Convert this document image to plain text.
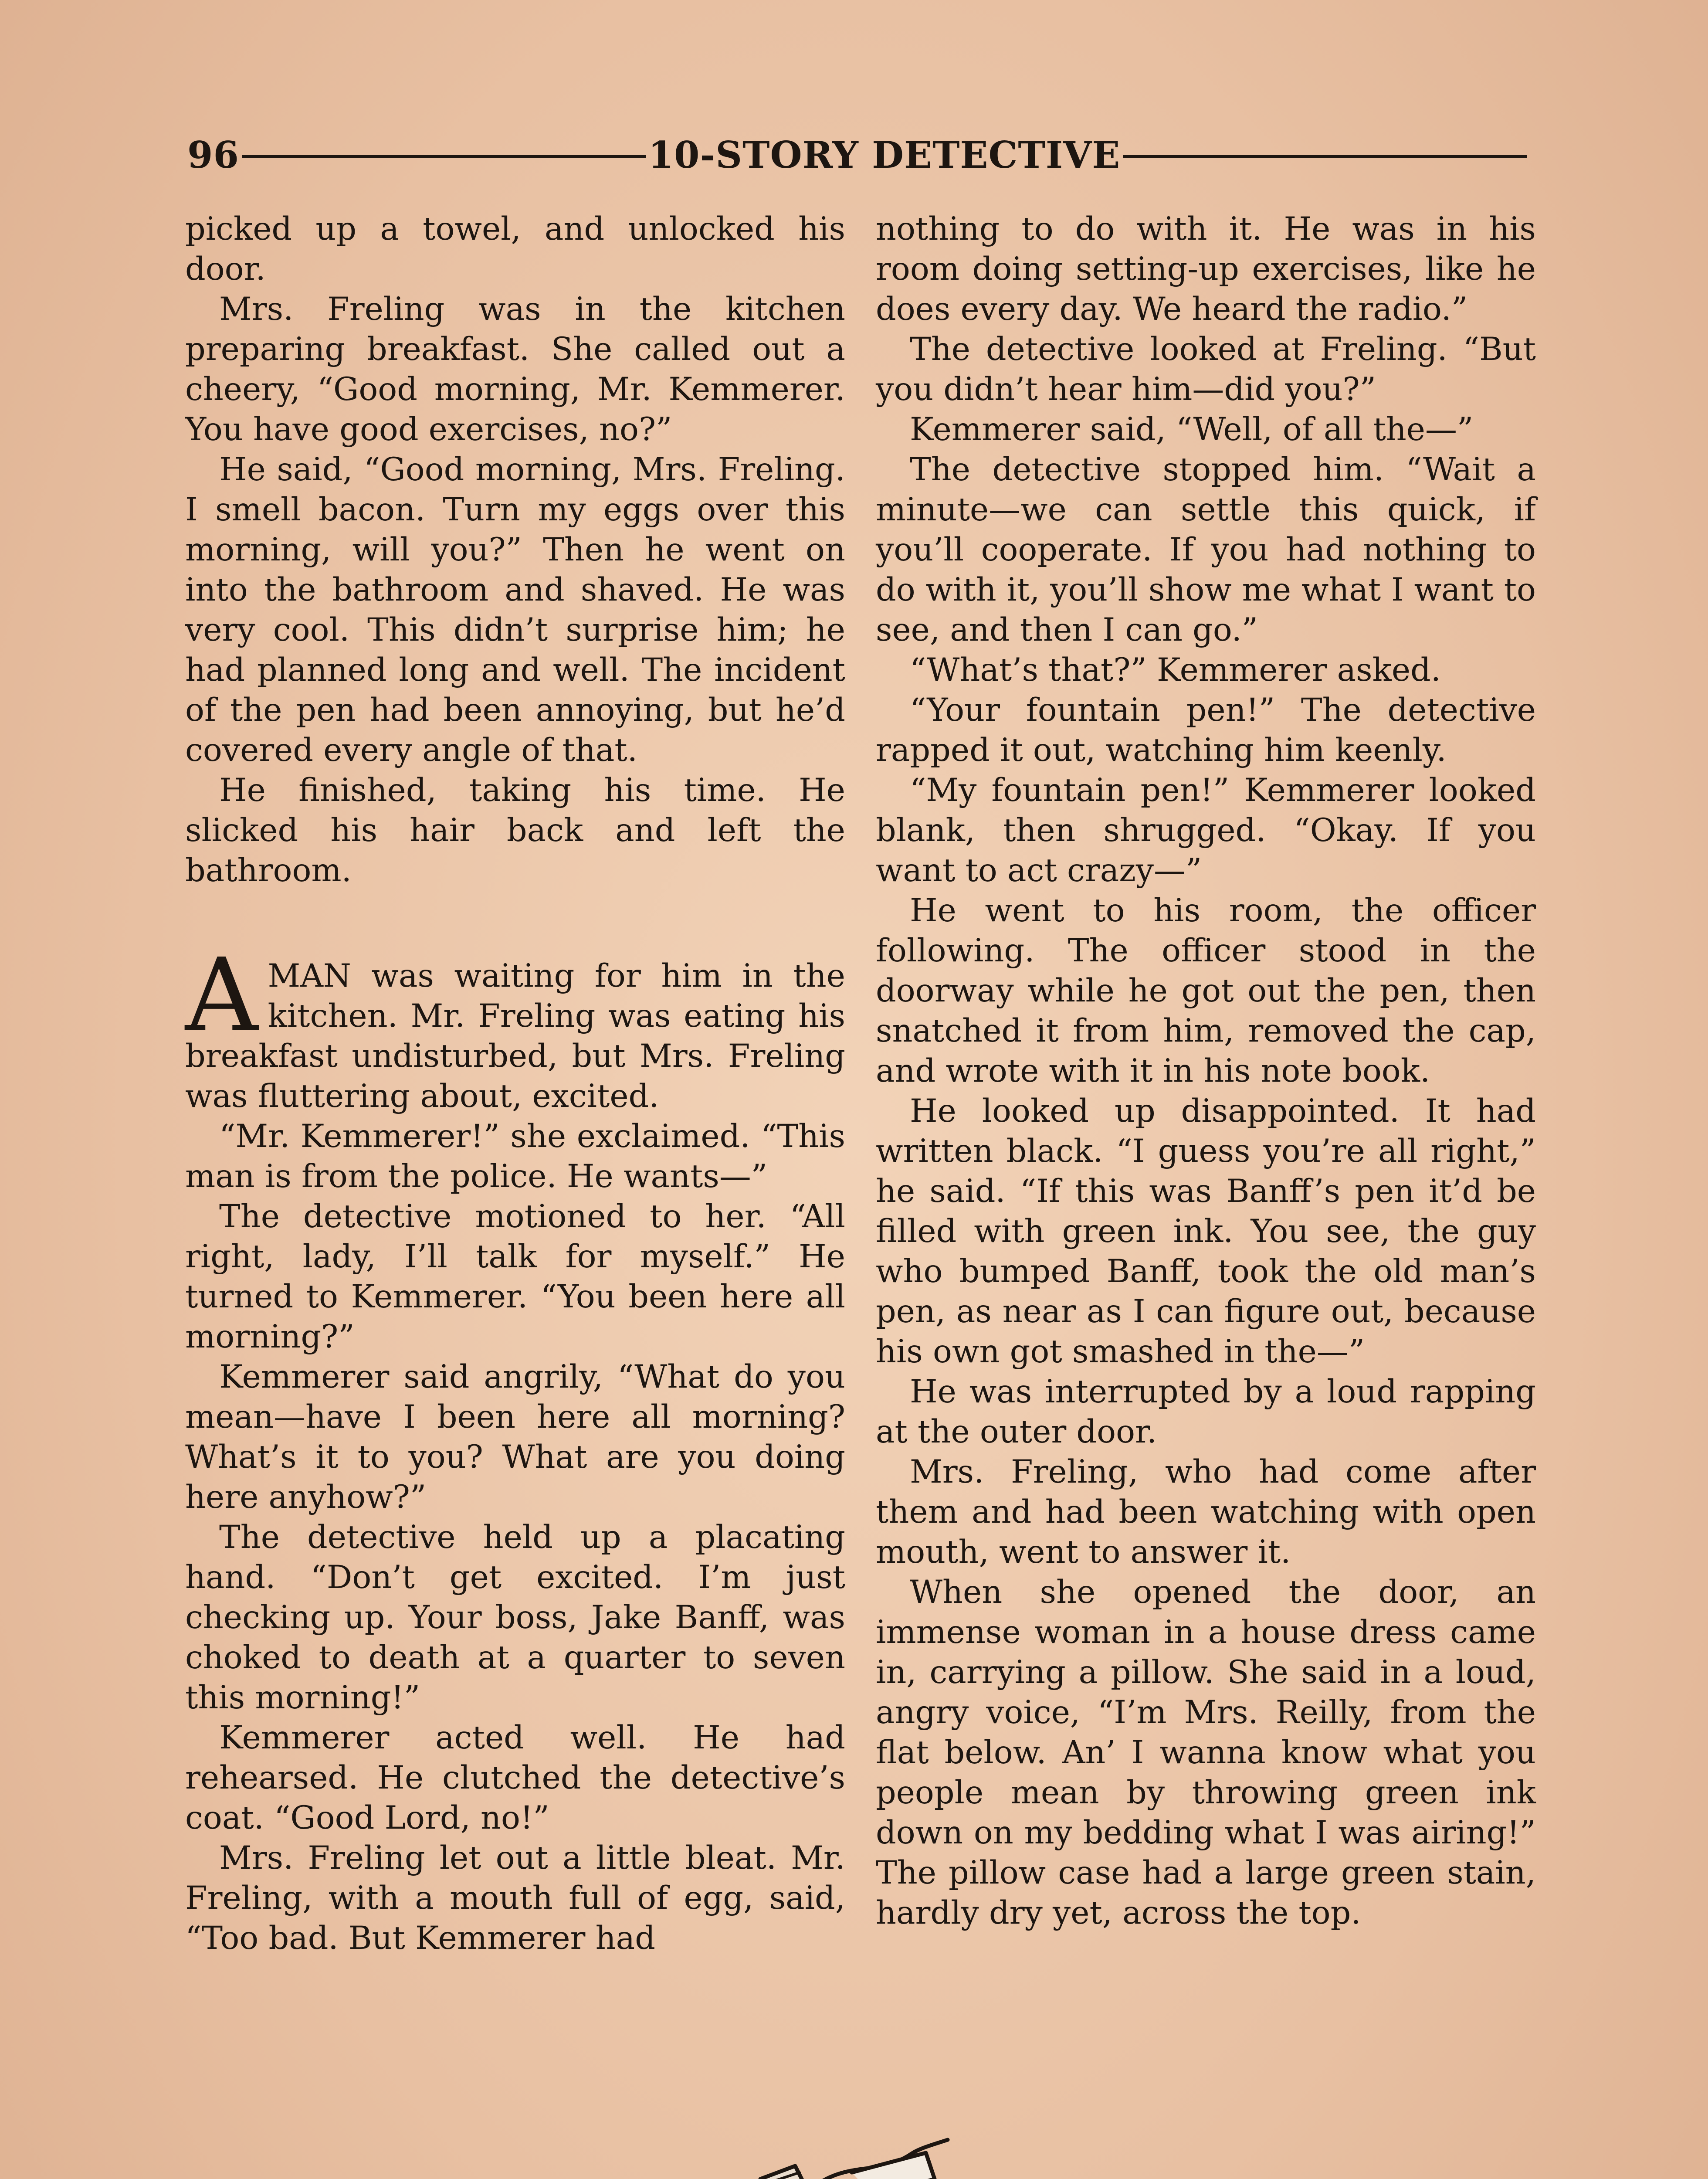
96	10-STORY DETECTIVE

picked up a towel, and unlocked his door.

Mrs. Freling was in the kitchen preparing breakfast. She called out a cheery, “Good morning, Mr. Kemmerer. You have good exercises, no?”

He said, “Good morning, Mrs. Freling. I smell bacon. Turn my eggs over this morning, will you?” Then he went on into the bathroom and shaved. He was very cool. This didn’t surprise him; he had planned long and well. The incident of the pen had been annoying, but he’d covered every angle of that.

He finished, taking his time. He slicked his hair back and left the bathroom.

AMAN was waiting for him in the kitchen. Mr. Freling was eating his breakfast undisturbed, but Mrs. Freling was fluttering about, excited.

“Mr. Kemmerer!” she exclaimed. “This man is from the police. He wants—”

The detective motioned to her. “All right, lady, I’ll talk for myself.” He turned to Kemmerer. “You been here all morning?”

Kemmerer said angrily, “What do you mean—have I been here all morning? What’s it to you? What are you doing here anyhow?”

The detective held up a placating hand. “Don’t get excited. I’m just checking up. Your boss, Jake Banff, was choked to death at a quarter to seven this morning!”

Kemmerer acted well. He had rehearsed. He clutched the detective’s coat. “Good Lord, no!”

Mrs. Freling let out a little bleat. Mr. Freling, with a mouth full of egg, said, “Too bad. But Kemmerer had

nothing to do with it. He was in his room doing setting-up exercises, like he does every day. We heard the radio.”

The detective looked at Freling. “But you didn’t hear him—did you?”

Kemmerer said, “Well, of all the—”

The detective stopped him. “Wait a minute—we can settle this quick, if you’ll cooperate. If you had nothing to do with it, you’ll show me what I want to see, and then I can go.”

“What’s that?” Kemmerer asked.

“Your fountain pen!” The detective rapped it out, watching him keenly.

“My fountain pen!” Kemmerer looked blank, then shrugged. “Okay. If you want to act crazy—”

He went to his room, the officer following. The officer stood in the doorway while he got out the pen, then snatched it from him, removed the cap, and wrote with it in his note book.

He looked up disappointed. It had written black. “I guess you’re all right,” he said. “If this was Banff’s pen it’d be filled with green ink. You see, the guy who bumped Banff, took the old man’s pen, as near as I can figure out, because his own got smashed in the—”

He was interrupted by a loud rapping at the outer door.

Mrs. Freling, who had come after them and had been watching with open mouth, went to answer it.

When she opened the door, an immense woman in a house dress came in, carrying a pillow. She said in a loud, angry voice, “I’m Mrs. Reilly, from the flat below. An’ I wanna know what you people mean by throwing green ink down on my bedding what I was airing!” The pillow case had a large green stain, hardly dry yet, across the top.
